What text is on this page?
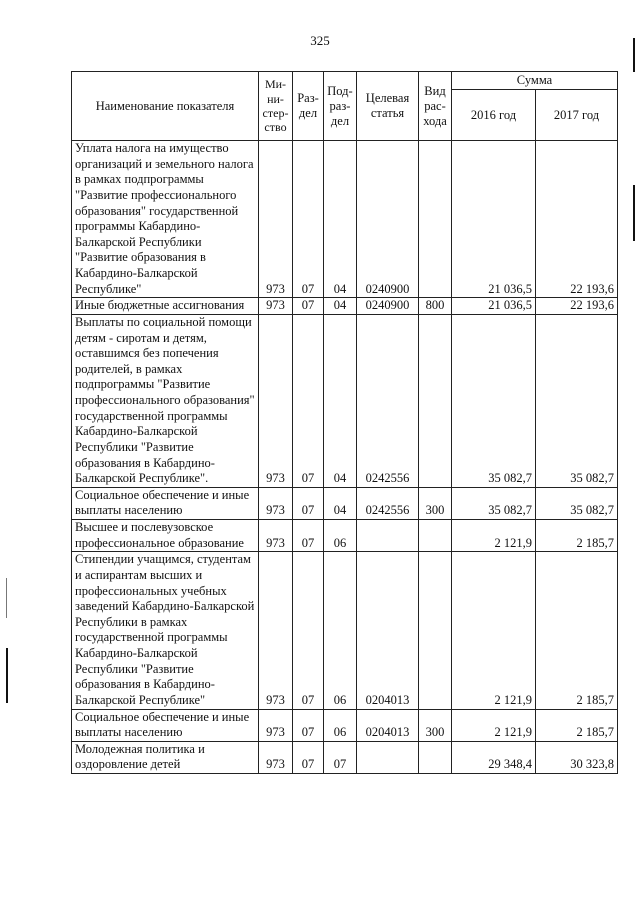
325
Наименование показателя	Ми-
ни-
стер-
ство	Раз-
дел	Под-
раз-
дел	Целевая
статья	Вид
рас-
хода	Сумма	
						2016 год	2017 год
Уплата налога на имущество организаций и земельного налога в рамках подпрограммы "Развитие профессионального образования" государственной программы Кабардино-Балкарской Республики "Развитие образования в Кабардино-Балкарской Республике"	973	07	04	0240900		21 036,5	22 193,6
Иные бюджетные ассигнования	973	07	04	0240900	800	21 036,5	22 193,6
Выплаты по социальной помощи детям - сиротам и детям, оставшимся без попечения родителей, в рамках подпрограммы "Развитие профессионального образования" государственной программы Кабардино-Балкарской Республики "Развитие образования в Кабардино-Балкарской Республике".	973	07	04	0242556		35 082,7	35 082,7
Социальное обеспечение и иные выплаты населению	973	07	04	0242556	300	35 082,7	35 082,7
Высшее и послевузовское профессиональное образование	973	07	06			2 121,9	2 185,7
Стипендии учащимся, студентам и аспирантам высших и профессиональных учебных заведений Кабардино-Балкарской Республики в рамках государственной программы Кабардино-Балкарской Республики "Развитие образования в Кабардино-Балкарской Республике"	973	07	06	0204013		2 121,9	2 185,7
Социальное обеспечение и иные выплаты населению	973	07	06	0204013	300	2 121,9	2 185,7
Молодежная политика и оздоровление детей	973	07	07			29 348,4	30 323,8
